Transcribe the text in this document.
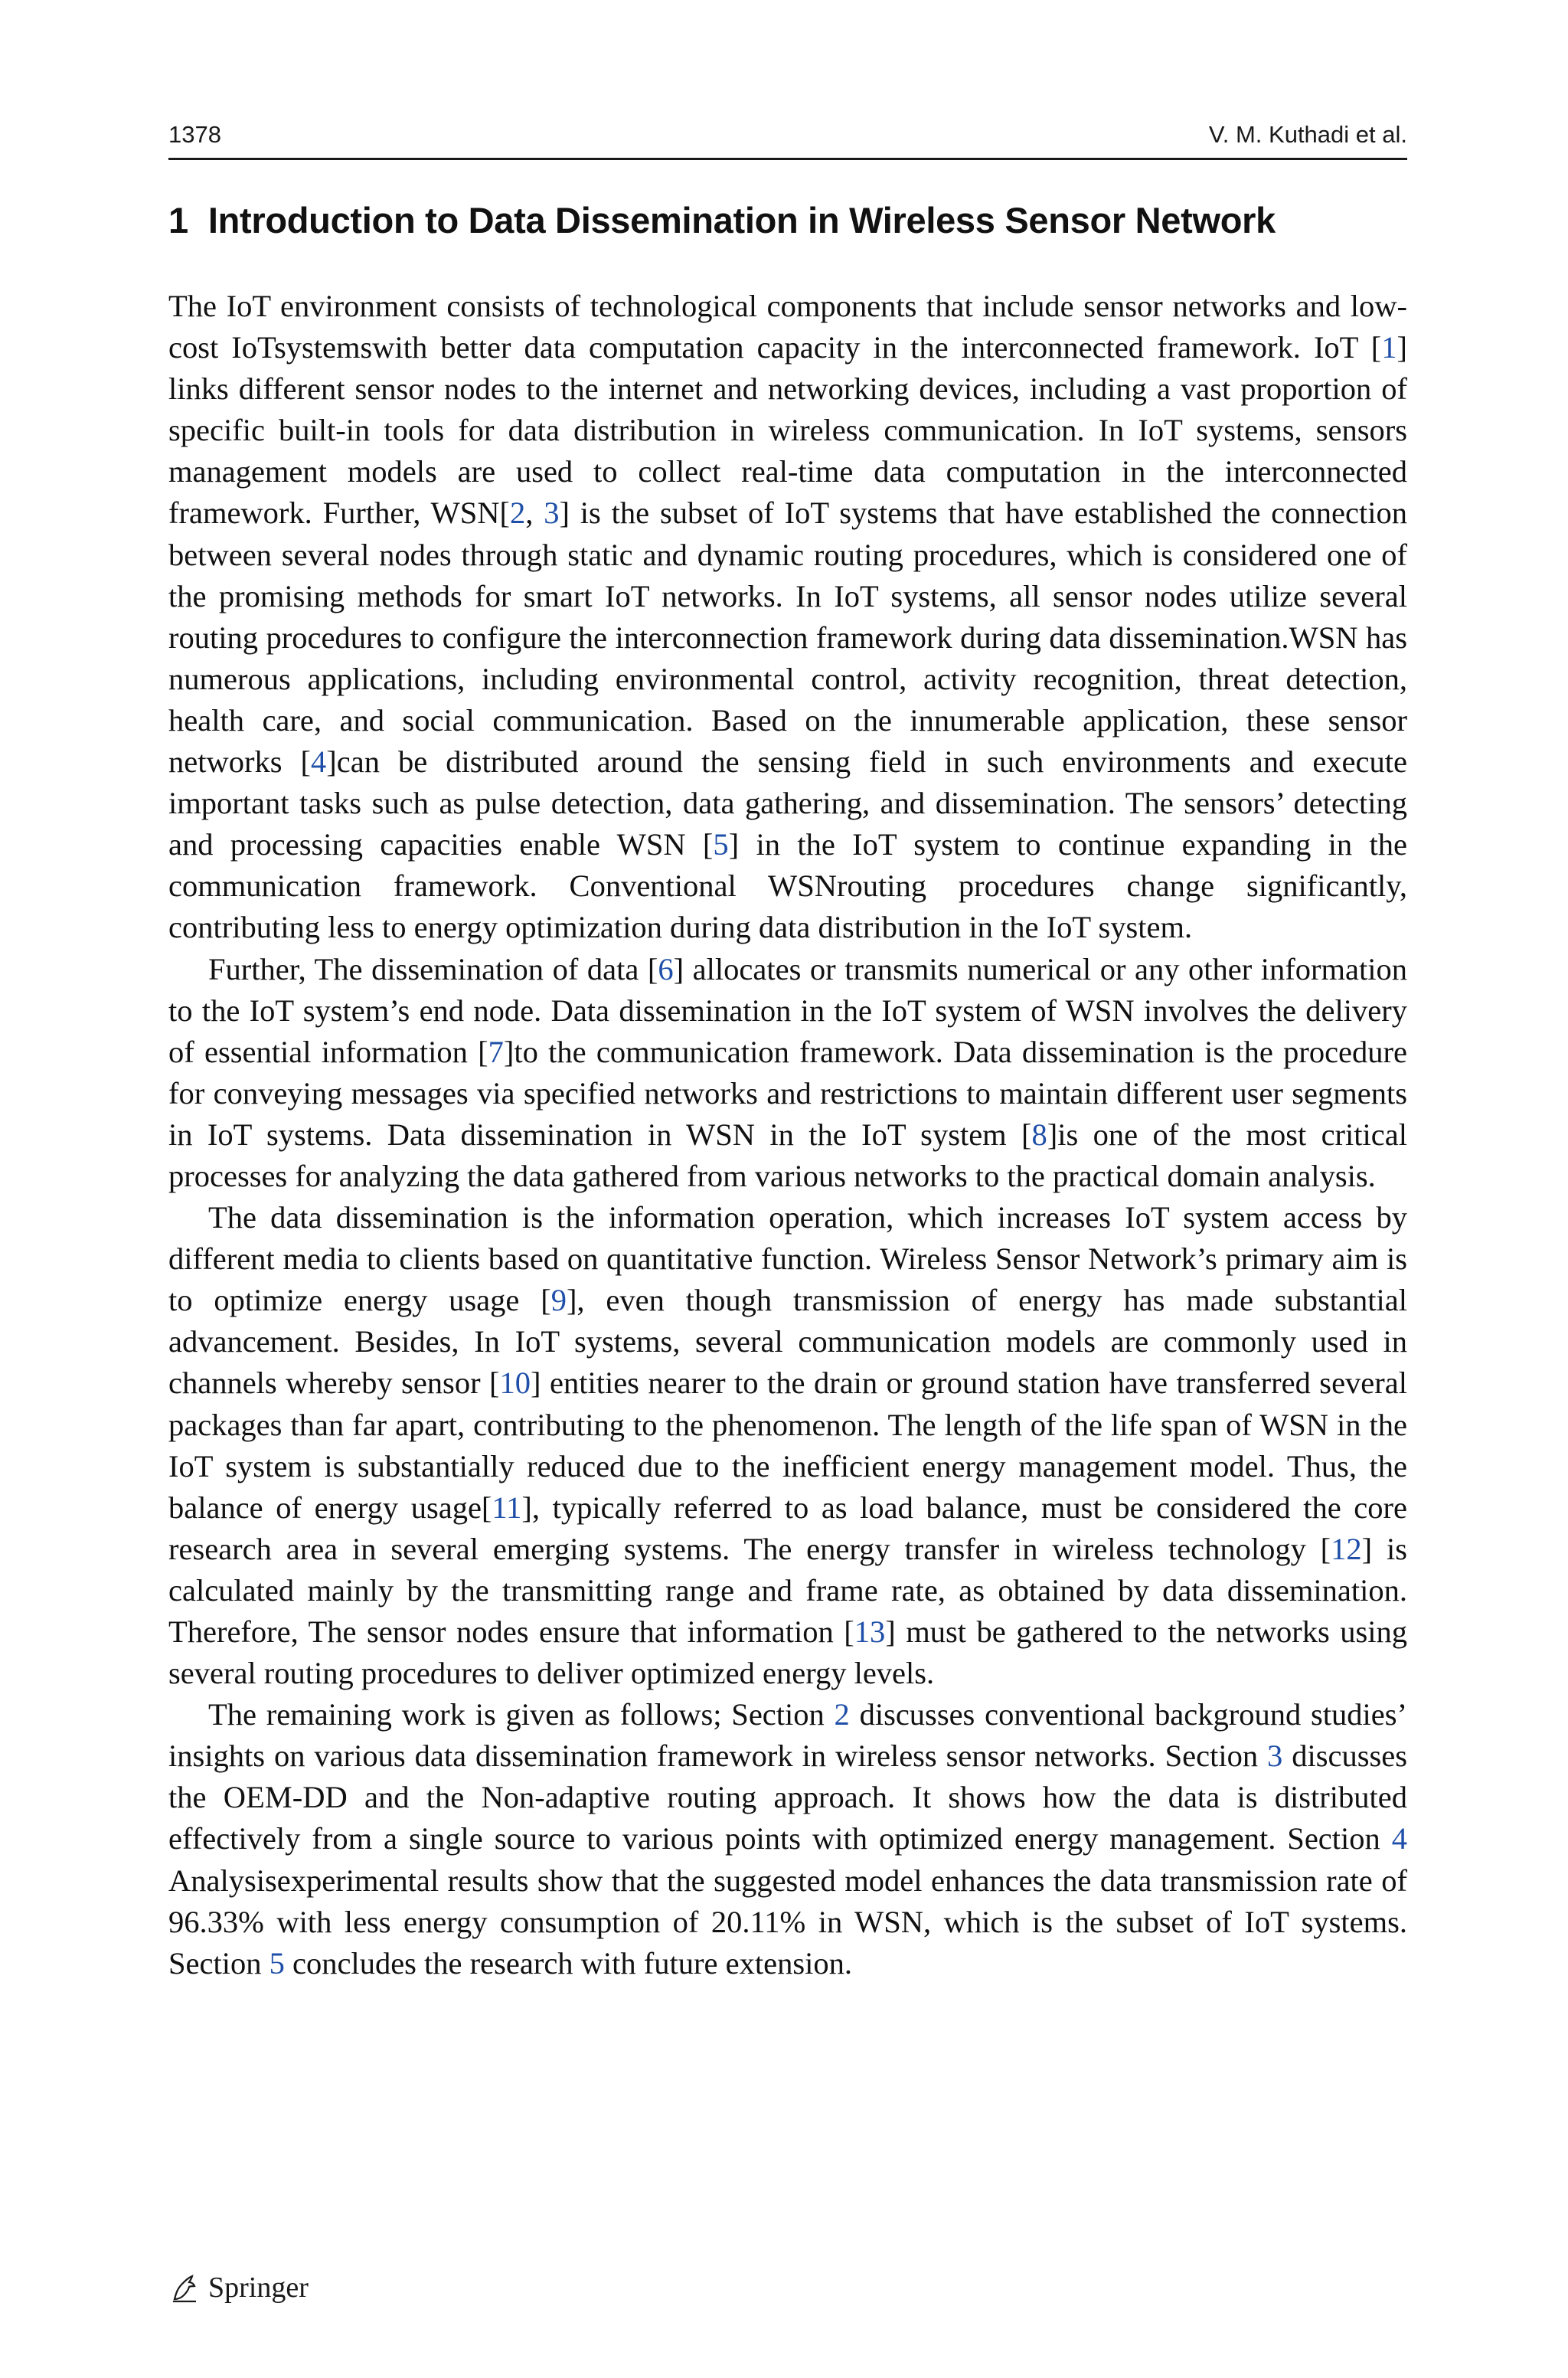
1378	V. M. Kuthadi et al.
1 Introduction to Data Dissemination in Wireless Sensor Network

The IoT environment consists of technological components that include sensor networks and low-cost IoTsystemswith better data computation capacity in the interconnected framework. IoT [1] links different sensor nodes to the internet and networking devices, including a vast proportion of specific built-in tools for data distribution in wireless communication. In IoT systems, sensors management models are used to collect real-time data computation in the interconnected framework. Further, WSN[2, 3] is the subset of IoT systems that have established the connection between several nodes through static and dynamic routing procedures, which is considered one of the promising methods for smart IoT networks. In IoT systems, all sensor nodes utilize several routing procedures to configure the interconnection framework during data dissemination.WSN has numerous applications, including environmental control, activity recognition, threat detection, health care, and social communication. Based on the innumerable application, these sensor networks [4]can be distributed around the sensing field in such environments and execute important tasks such as pulse detection, data gathering, and dissemination. The sensors’ detecting and processing capacities enable WSN [5] in the IoT system to continue expanding in the communication framework. Conventional WSNrouting procedures change significantly, contributing less to energy optimization during data distribution in the IoT system.

Further, The dissemination of data [6] allocates or transmits numerical or any other information to the IoT system’s end node. Data dissemination in the IoT system of WSN involves the delivery of essential information [7]to the communication framework. Data dissemination is the procedure for conveying messages via specified networks and restrictions to maintain different user segments in IoT systems. Data dissemination in WSN in the IoT system [8]is one of the most critical processes for analyzing the data gathered from various networks to the practical domain analysis.

The data dissemination is the information operation, which increases IoT system access by different media to clients based on quantitative function. Wireless Sensor Network’s primary aim is to optimize energy usage [9], even though transmission of energy has made substantial advancement. Besides, In IoT systems, several communication models are commonly used in channels whereby sensor [10] entities nearer to the drain or ground station have transferred several packages than far apart, contributing to the phenomenon. The length of the life span of WSN in the IoT system is substantially reduced due to the inefficient energy management model. Thus, the balance of energy usage[11], typically referred to as load balance, must be considered the core research area in several emerging systems. The energy transfer in wireless technology [12] is calculated mainly by the transmitting range and frame rate, as obtained by data dissemination. Therefore, The sensor nodes ensure that information [13] must be gathered to the networks using several routing procedures to deliver optimized energy levels.

The remaining work is given as follows; Section 2 discusses conventional background studies’ insights on various data dissemination framework in wireless sensor networks. Section 3 discusses the OEM-DD and the Non-adaptive routing approach. It shows how the data is distributed effectively from a single source to various points with optimized energy management. Section 4 Analysisexperimental results show that the suggested model enhances the data transmission rate of 96.33% with less energy consumption of 20.11% in WSN, which is the subset of IoT systems. Section 5 concludes the research with future extension.

Springer
